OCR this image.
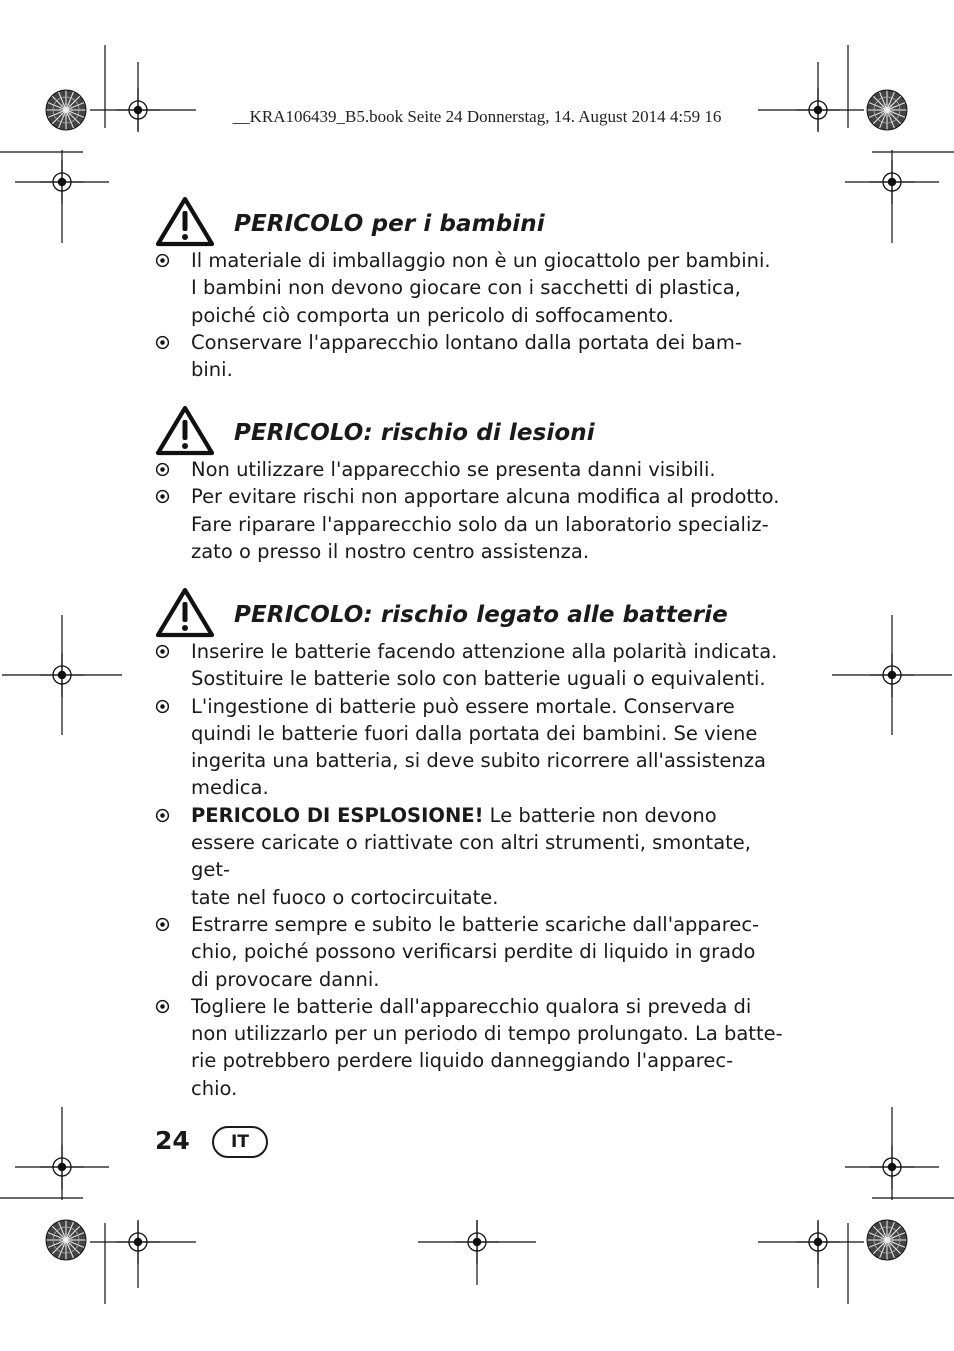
__KRA106439_B5.book Seite 24 Donnerstag, 14. August 2014 4:59 16
PERICOLO per i bambini
Il materiale di imballaggio non è un giocattolo per bambini.
I bambini non devono giocare con i sacchetti di plastica,
poiché ciò comporta un pericolo di soffocamento.
Conservare l'apparecchio lontano dalla portata dei bam-
bini.
PERICOLO: rischio di lesioni
Non utilizzare l'apparecchio se presenta danni visibili.
Per evitare rischi non apportare alcuna modifica al prodotto.
Fare riparare l'apparecchio solo da un laboratorio specializ-
zato o presso il nostro centro assistenza.
PERICOLO: rischio legato alle batterie
Inserire le batterie facendo attenzione alla polarità indicata.
Sostituire le batterie solo con batterie uguali o equivalenti.
L'ingestione di batterie può essere mortale. Conservare
quindi le batterie fuori dalla portata dei bambini. Se viene
ingerita una batteria, si deve subito ricorrere all'assistenza
medica.
PERICOLO DI ESPLOSIONE! Le batterie non devono
essere caricate o riattivate con altri strumenti, smontate, get-
tate nel fuoco o cortocircuitate.
Estrarre sempre e subito le batterie scariche dall'apparec-
chio, poiché possono verificarsi perdite di liquido in grado
di provocare danni.
Togliere le batterie dall'apparecchio qualora si preveda di
non utilizzarlo per un periodo di tempo prolungato. La batte-
rie potrebbero perdere liquido danneggiando l'apparec-
chio.
24	IT
